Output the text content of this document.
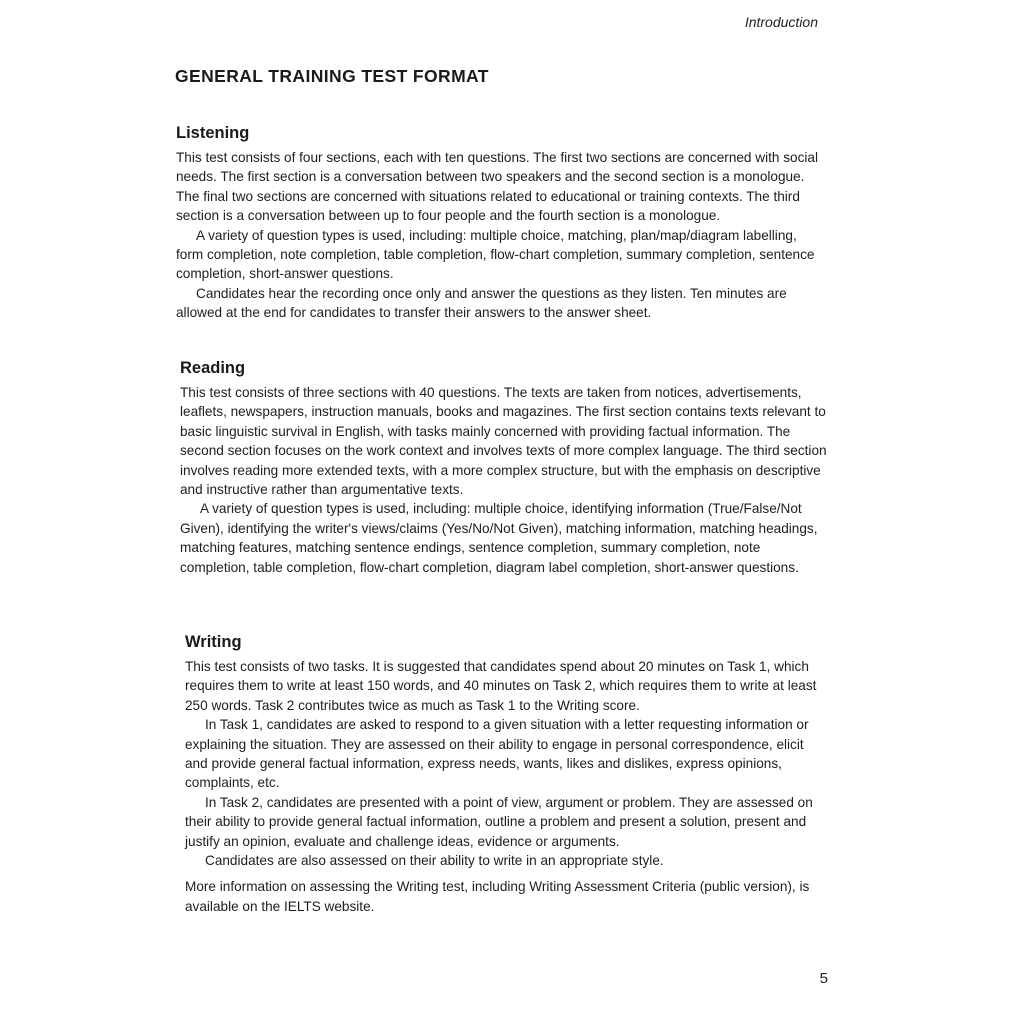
Introduction
GENERAL TRAINING TEST FORMAT
Listening

This test consists of four sections, each with ten questions. The first two sections are concerned with social needs. The first section is a conversation between two speakers and the second section is a monologue. The final two sections are concerned with situations related to educational or training contexts. The third section is a conversation between up to four people and the fourth section is a monologue.

A variety of question types is used, including: multiple choice, matching, plan/map/diagram labelling, form completion, note completion, table completion, flow-chart completion, summary completion, sentence completion, short-answer questions.

Candidates hear the recording once only and answer the questions as they listen. Ten minutes are allowed at the end for candidates to transfer their answers to the answer sheet.

Reading

This test consists of three sections with 40 questions. The texts are taken from notices, advertisements, leaflets, newspapers, instruction manuals, books and magazines. The first section contains texts relevant to basic linguistic survival in English, with tasks mainly concerned with providing factual information. The second section focuses on the work context and involves texts of more complex language. The third section involves reading more extended texts, with a more complex structure, but with the emphasis on descriptive and instructive rather than argumentative texts.

A variety of question types is used, including: multiple choice, identifying information (True/False/Not Given), identifying the writer's views/claims (Yes/No/Not Given), matching information, matching headings, matching features, matching sentence endings, sentence completion, summary completion, note completion, table completion, flow-chart completion, diagram label completion, short-answer questions.

Writing

This test consists of two tasks. It is suggested that candidates spend about 20 minutes on Task 1, which requires them to write at least 150 words, and 40 minutes on Task 2, which requires them to write at least 250 words. Task 2 contributes twice as much as Task 1 to the Writing score.

In Task 1, candidates are asked to respond to a given situation with a letter requesting information or explaining the situation. They are assessed on their ability to engage in personal correspondence, elicit and provide general factual information, express needs, wants, likes and dislikes, express opinions, complaints, etc.

In Task 2, candidates are presented with a point of view, argument or problem. They are assessed on their ability to provide general factual information, outline a problem and present a solution, present and justify an opinion, evaluate and challenge ideas, evidence or arguments.

Candidates are also assessed on their ability to write in an appropriate style.

More information on assessing the Writing test, including Writing Assessment Criteria (public version), is available on the IELTS website.

5
